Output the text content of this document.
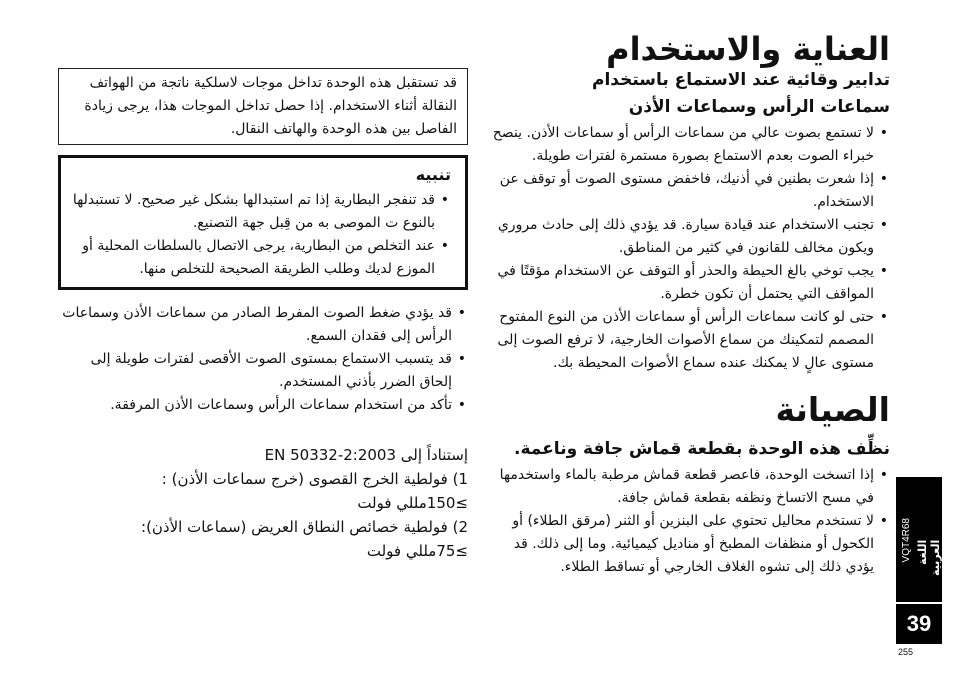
العناية والاستخدام
تدابير وقائية عند الاستماع باستخدام
سماعات الرأس وسماعات الأذن
• لا تستمع بصوت عالي من سماعات الرأس أو سماعات الأذن. ينصح خبراء الصوت بعدم الاستماع بصورة مستمرة لفترات طويلة.
• إذا شعرت بطنين في أذنيك، فاخفض مستوى الصوت أو توقف عن الاستخدام.
• تجنب الاستخدام عند قيادة سيارة. قد يؤدي ذلك إلى حادث مروري ويكون مخالف للقانون في كثير من المناطق.
• يجب توخي بالغ الحيطة والحذر أو التوقف عن الاستخدام مؤقتًا في المواقف التي يحتمل أن تكون خطرة.
• حتى لو كانت سماعات الرأس أو سماعات الأذن من النوع المفتوح المصمم لتمكينك من سماع الأصوات الخارجية، لا ترفع الصوت إلى مستوى عالٍ لا يمكنك عنده سماع الأصوات المحيطة بك.
الصيانة
نظِّف هذه الوحدة بقطعة قماش جافة وناعمة.
• إذا اتسخت الوحدة، فاعصر قطعة قماش مرطبة بالماء واستخدمها في مسح الاتساخ ونظفه بقطعة قماش جافة.
• لا تستخدم محاليل تحتوي على البنزين أو الثنر (مرقق الطلاء) أو الكحول أو منظفات المطبخ أو مناديل كيميائية. وما إلى ذلك. قد يؤدي ذلك إلى تشوه الغلاف الخارجي أو تساقط الطلاء.

قد تستقبل هذه الوحدة تداخل موجات لاسلكية ناتجة من الهواتف النقالة أثناء الاستخدام. إذا حصل تداخل الموجات هذا، يرجى زيادة الفاصل بين هذه الوحدة والهاتف النقال.

تنبيه
• قد تنفجر البطارية إذا تم استبدالها بشكل غير صحيح. لا تستبدلها بالنوع ت الموصى به من قِبل جهة التصنيع.
• عند التخلص من البطارية، يرجى الاتصال بالسلطات المحلية أو الموزع لديك وطلب الطريقة الصحيحة للتخلص منها.
• قد يؤدي ضغط الصوت المفرط الصادر من سماعات الأذن وسماعات الرأس إلى فقدان السمع.
• قد يتسبب الاستماع بمستوى الصوت الأقصى لفترات طويلة إلى إلحاق الضرر بأذني المستخدم.
• تأكد من استخدام سماعات الرأس وسماعات الأذن المرفقة.

إستناداً إلى EN 50332-2:2003

1) فولطية الخرج القصوى (خرج سماعات الأذن) :

≥150مللي فولت

2) فولطية خصائص النطاق العريض (سماعات الأذن):

≥75مللي فولت	VQT4R68 اللغة العربية
39
255
